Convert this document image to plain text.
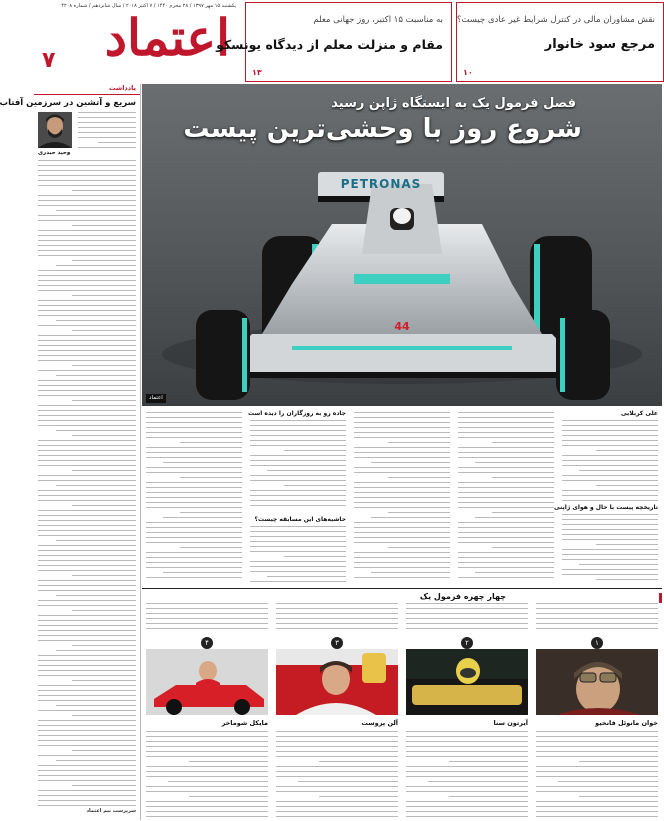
یکشنبه ۱۵ مهر ۱۳۹۷ / ۲۸ محرم ۱۴۴۰ / ۷ اکتبر ۲۰۱۸ / سال شانزدهم / شماره ۴۲۰۸
اعتماد
۷
نقش مشاوران مالی در کنترل شرایط غیر عادی چیست؟
مرجع سود خانوار
۱۰
به مناسبت ۱۵ اکتبر، روز جهانی معلم
مقام و منزلت معلم از دیدگاه یونسکو
۱۳
یادداشت
سریع و آتشین در سرزمین آفتاب
وحید حیدری
سرپرست تیم اعتماد
PETRONAS
44
فصل فرمول یک به ایستگاه ژاپن رسید
شروع روز با وحشی‌ترین پیست
اعتماد
علی کربلایی
تاریخچه پیست با حال و هوای ژاپنی
جاده رو به روزگاران را دیده است
حاشیه‌های این مسابقه چیست؟
چهار چهره فرمول یک
۱
خوان مانوئل فانخیو
۲
آیرتون سنا
۳
آلن پروست
۴
مایکل شوماخر
